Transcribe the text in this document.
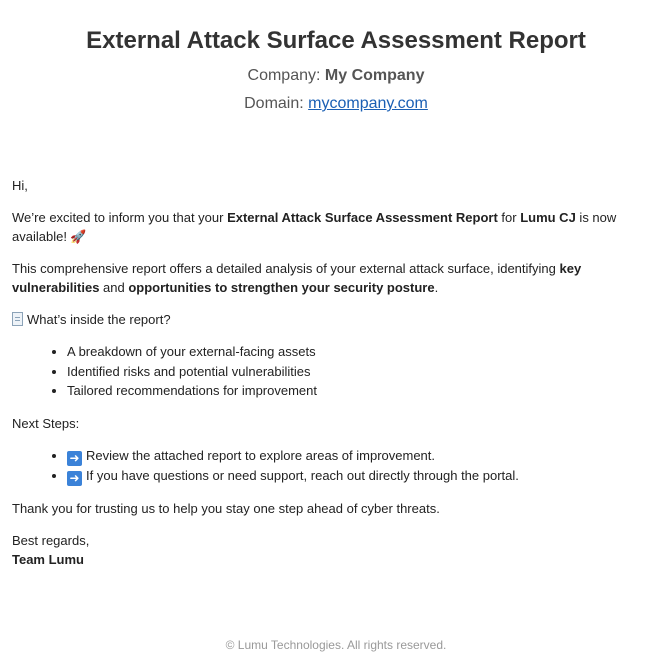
External Attack Surface Assessment Report
Company: My Company
Domain: mycompany.com

Hi,

We’re excited to inform you that your External Attack Surface Assessment Report for Lumu CJ is now available! 🚀

This comprehensive report offers a detailed analysis of your external attack surface, identifying key vulnerabilities and opportunities to strengthen your security posture.

What’s inside the report?

• A breakdown of your external-facing assets
• Identified risks and potential vulnerabilities
• Tailored recommendations for improvement

Next Steps:

• ➜ Review the attached report to explore areas of improvement.
• ➜ If you have questions or need support, reach out directly through the portal.

Thank you for trusting us to help you stay one step ahead of cyber threats.

Best regards,
Team Lumu

© Lumu Technologies. All rights reserved.
